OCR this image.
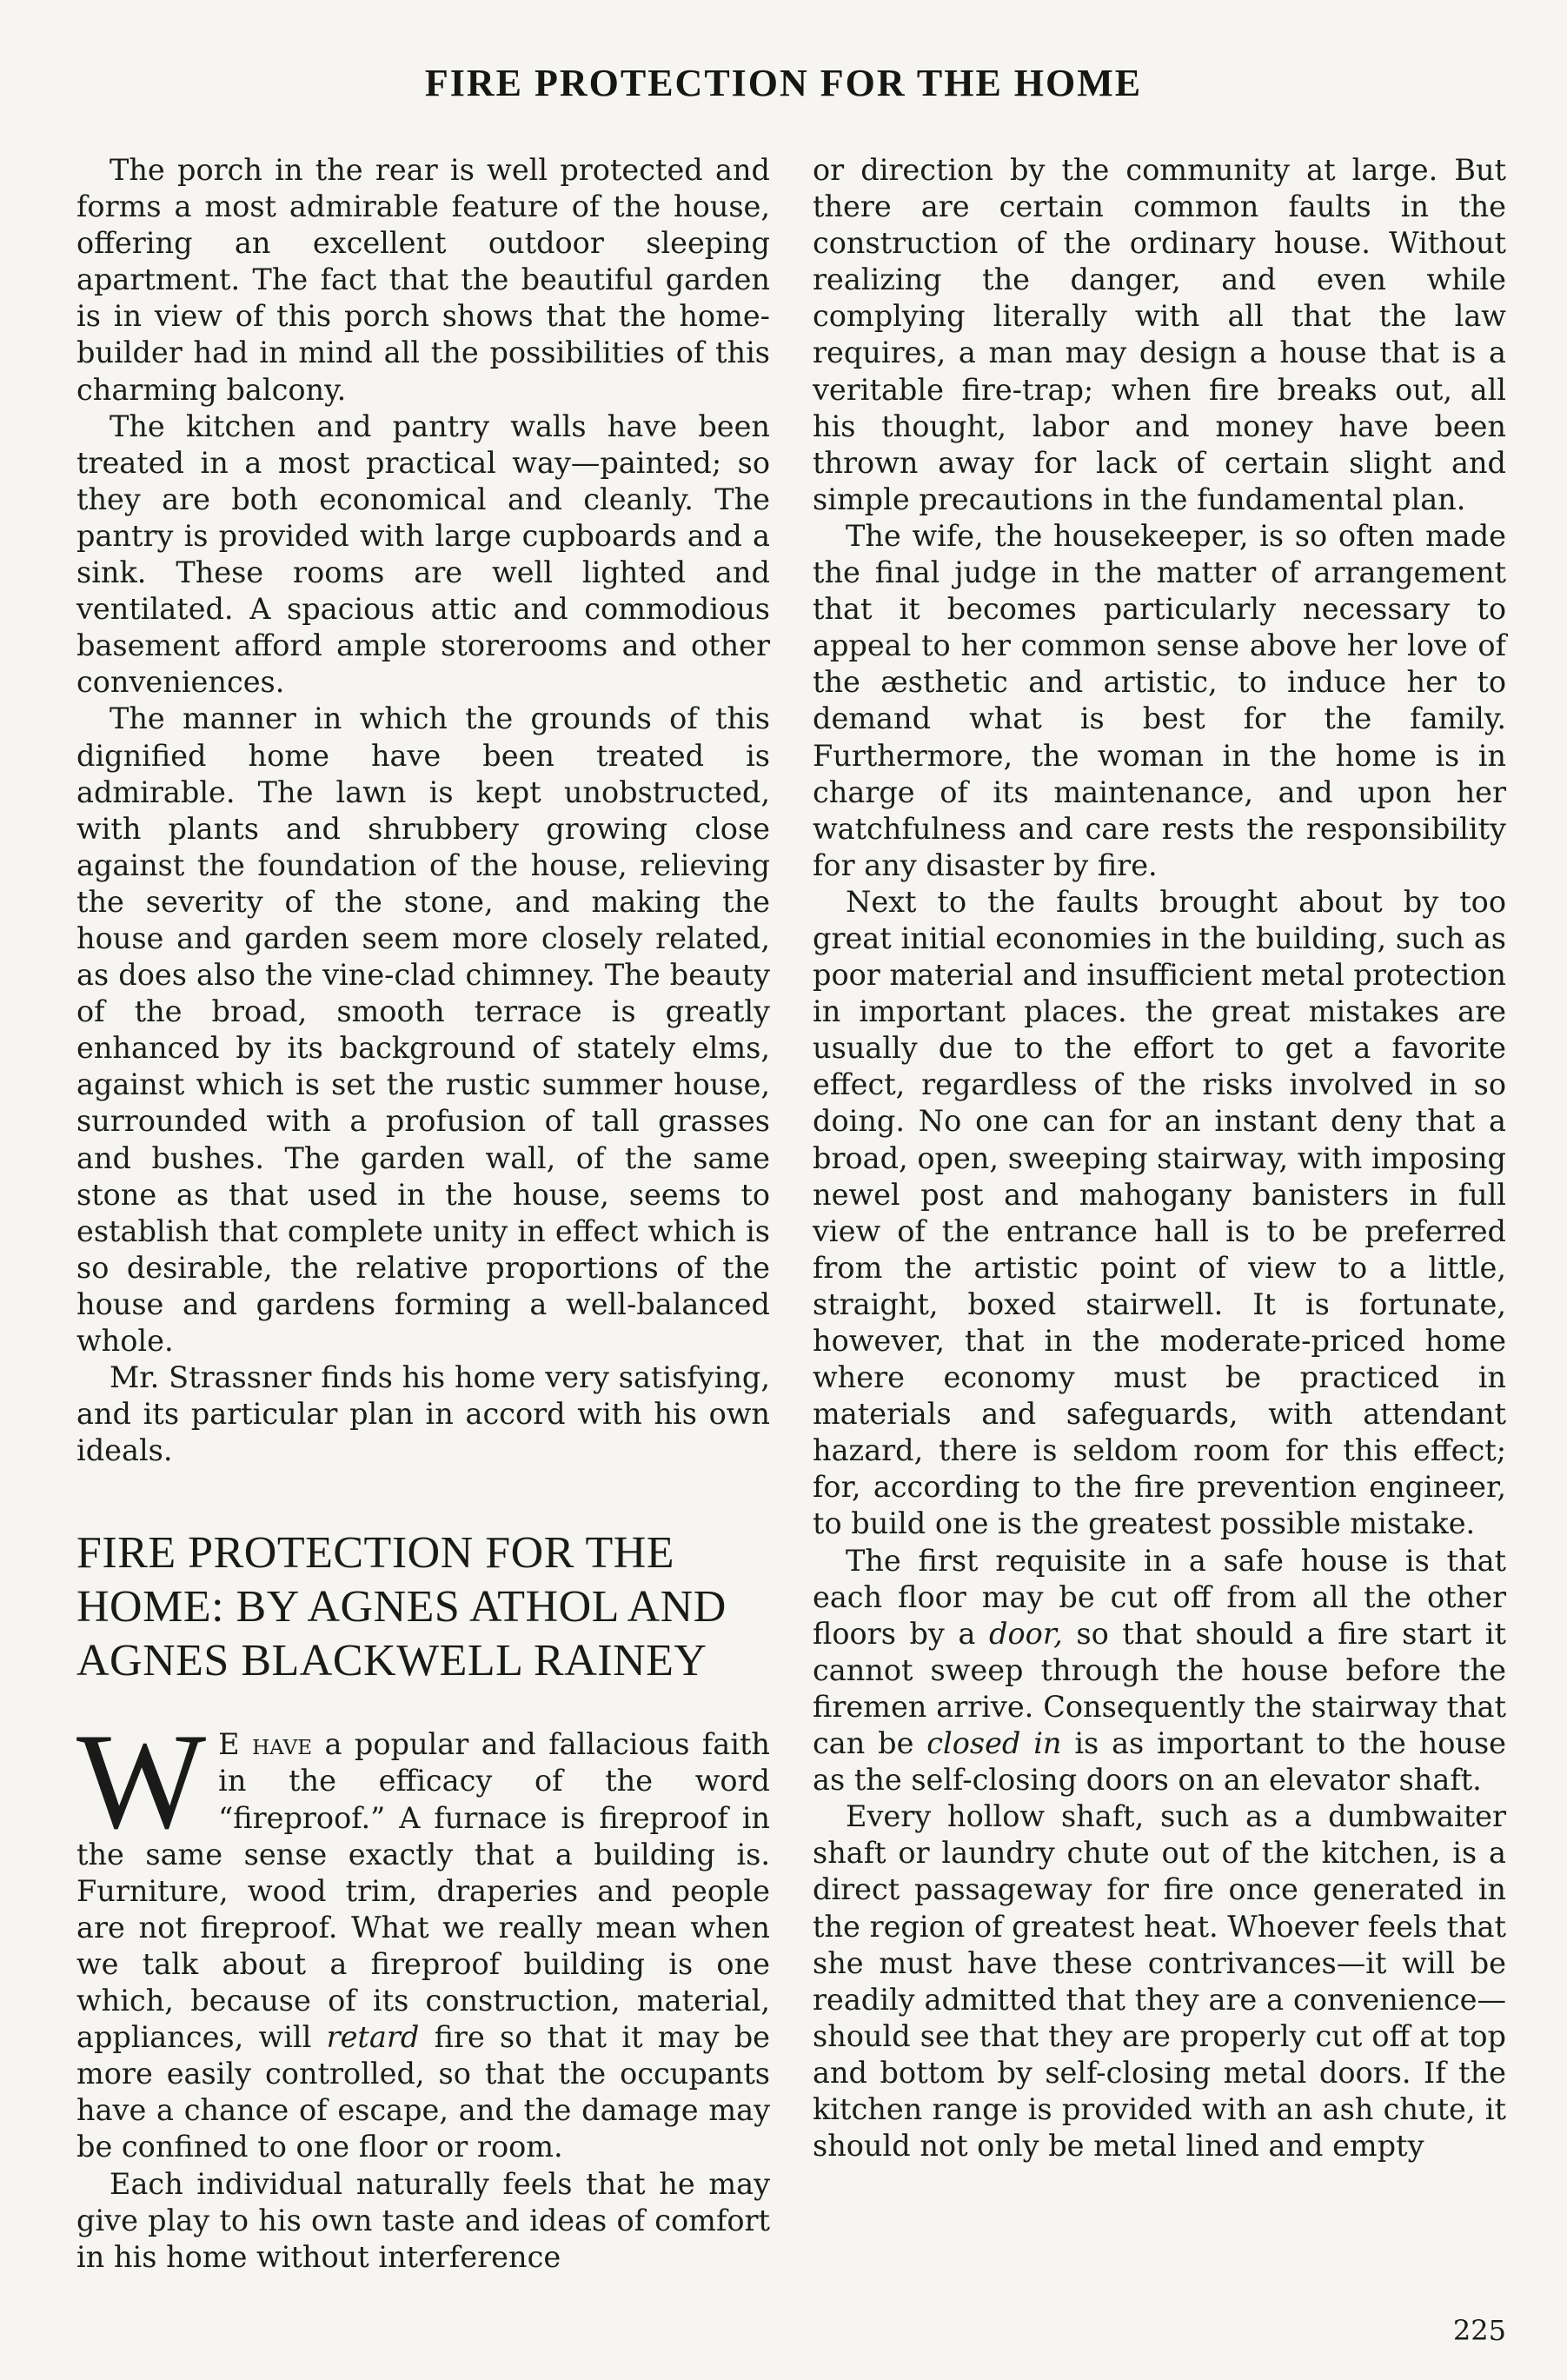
FIRE PROTECTION FOR THE HOME

The porch in the rear is well protected and forms a most admirable feature of the house, offering an excellent outdoor sleeping apartment. The fact that the beautiful garden is in view of this porch shows that the home-builder had in mind all the possibilities of this charming balcony.

The kitchen and pantry walls have been treated in a most practical way—painted; so they are both economical and cleanly. The pantry is provided with large cupboards and a sink. These rooms are well lighted and ventilated. A spacious attic and commodious basement afford ample storerooms and other conveniences.

The manner in which the grounds of this dignified home have been treated is admirable. The lawn is kept unobstructed, with plants and shrubbery growing close against the foundation of the house, relieving the severity of the stone, and making the house and garden seem more closely related, as does also the vine-clad chimney. The beauty of the broad, smooth terrace is greatly enhanced by its background of stately elms, against which is set the rustic summer house, surrounded with a profusion of tall grasses and bushes. The garden wall, of the same stone as that used in the house, seems to establish that complete unity in effect which is so desirable, the relative proportions of the house and gardens forming a well-balanced whole.

Mr. Strassner finds his home very satisfying, and its particular plan in accord with his own ideals.

FIRE PROTECTION FOR THE HOME: BY AGNES ATHOL AND AGNES BLACKWELL RAINEY

W E have a popular and fallacious faith in the efficacy of the word “fireproof.” A furnace is fireproof in the same sense exactly that a building is. Furniture, wood trim, draperies and people are not fireproof. What we really mean when we talk about a fireproof building is one which, because of its construction, material, appliances, will retard fire so that it may be more easily controlled, so that the occupants have a chance of escape, and the damage may be confined to one floor or room.

Each individual naturally feels that he may give play to his own taste and ideas of comfort in his home without interference

or direction by the community at large. But there are certain common faults in the construction of the ordinary house. Without realizing the danger, and even while complying literally with all that the law requires, a man may design a house that is a veritable fire-trap; when fire breaks out, all his thought, labor and money have been thrown away for lack of certain slight and simple precautions in the fundamental plan.

The wife, the housekeeper, is so often made the final judge in the matter of arrangement that it becomes particularly necessary to appeal to her common sense above her love of the æsthetic and artistic, to induce her to demand what is best for the family. Furthermore, the woman in the home is in charge of its maintenance, and upon her watchfulness and care rests the responsibility for any disaster by fire.

Next to the faults brought about by too great initial economies in the building, such as poor material and insufficient metal protection in important places. the great mistakes are usually due to the effort to get a favorite effect, regardless of the risks involved in so doing. No one can for an instant deny that a broad, open, sweeping stairway, with imposing newel post and mahogany banisters in full view of the entrance hall is to be preferred from the artistic point of view to a little, straight, boxed stairwell. It is fortunate, however, that in the moderate-priced home where economy must be practiced in materials and safeguards, with attendant hazard, there is seldom room for this effect; for, according to the fire prevention engineer, to build one is the greatest possible mistake.

The first requisite in a safe house is that each floor may be cut off from all the other floors by a door, so that should a fire start it cannot sweep through the house before the firemen arrive. Consequently the stairway that can be closed in is as important to the house as the self-closing doors on an elevator shaft.

Every hollow shaft, such as a dumbwaiter shaft or laundry chute out of the kitchen, is a direct passageway for fire once generated in the region of greatest heat. Whoever feels that she must have these contrivances—it will be readily admitted that they are a convenience—should see that they are properly cut off at top and bottom by self-closing metal doors. If the kitchen range is provided with an ash chute, it should not only be metal lined and empty

225
